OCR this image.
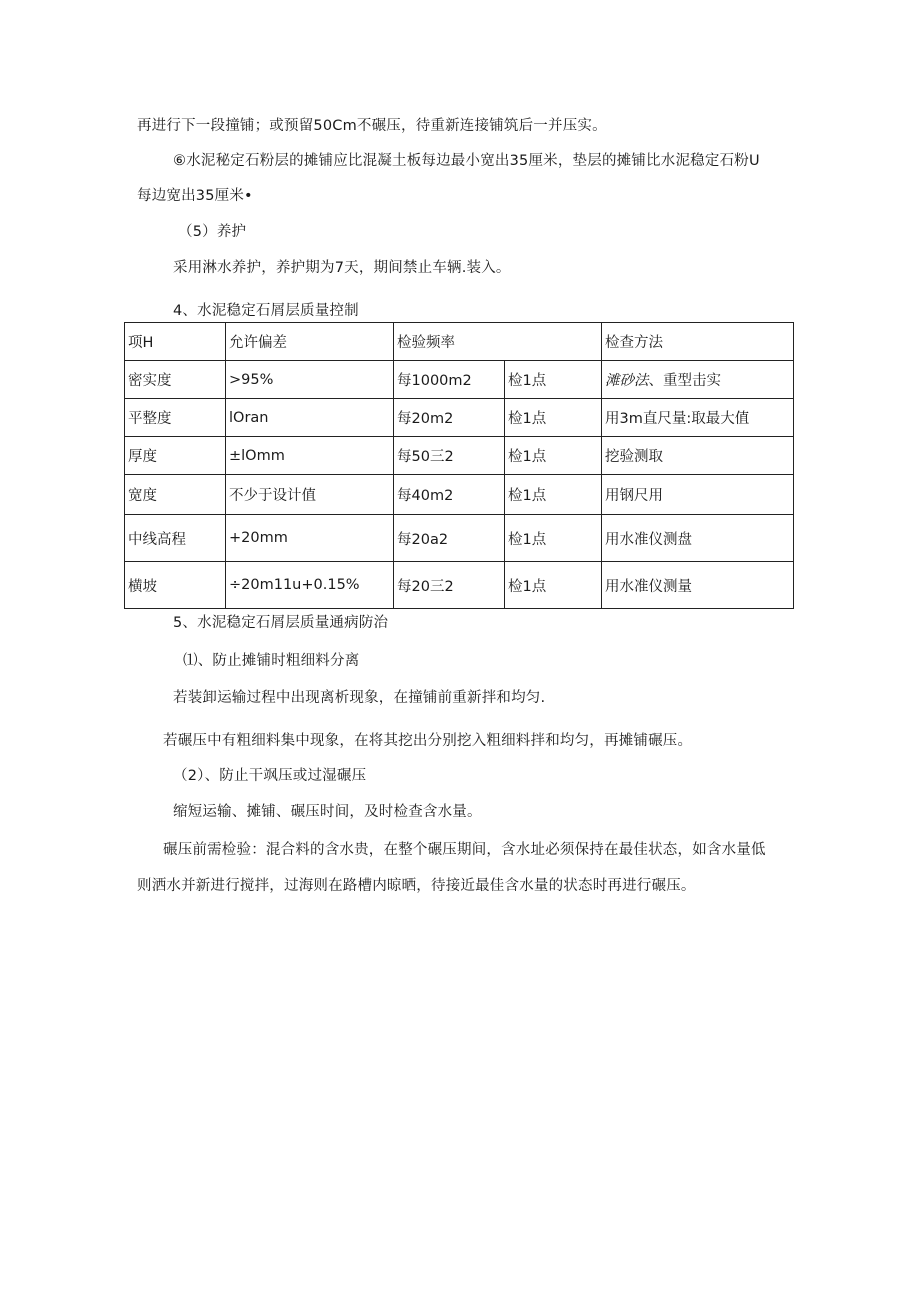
再进行下一段撞铺；或预留50Cm不碾压，待重新连接铺筑后一并压实。
⑥水泥秘定石粉层的摊铺应比混凝土板每边最小宽出35厘米，垫层的摊铺比水泥稳定石粉U
每边宽出35厘米•
（5）养护
采用淋水养护，养护期为7天，期间禁止车辆.装入。
4、水泥稳定石屑层质量控制
项H	允许偏差	检验频率		检查方法
密实度	>95%	每1000m2	检1点	滩砂法、重型击实
平整度	lOran	每20m2	检1点	用3m直尺量:取最大值
厚度	±lOmm	每50三2	检1点	挖验测取
宽度	不少于设计值	每40m2	检1点	用钢尺用
中线高程	+20mm	每20a2	检1点	用水准仪测盘
横坡	÷20m11u+0.15%	每20三2	检1点	用水准仪测量
5、水泥稳定石屑层质量通病防治
⑴、防止摊铺时粗细料分离
若装卸运输过程中出现离析现象，在撞铺前重新拌和均匀.
若碾压中有粗细料集中现象，在将其挖出分别挖入粗细料拌和均匀，再摊铺碾压。
（2）、防止干飒压或过湿碾压
缩短运输、摊铺、碾压时间，及时检查含水量。
碾压前需检验：混合料的含水贵，在整个碾压期间，含水址必须保持在最佳状态，如含水量低
则洒水并新进行搅拌，过海则在路槽内晾晒，待接近最佳含水量的状态时再进行碾压。
